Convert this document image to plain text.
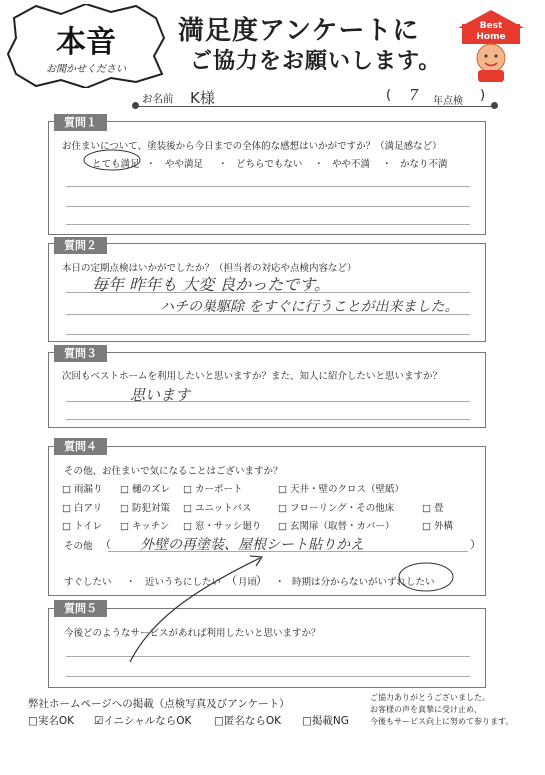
本音
お聞かせください
満足度アンケートに
ご協力をお願いします。
Best
Home
お名前 K様	( 7 年点検 )
質問１
お住まいについて、塗装後から今日までの全体的な感想はいかがですか？（満足感など）
とても満足 ・ やや満足 ・ どちらでもない ・ やや不満 ・ かなり不満
質問２
本日の定期点検はいかがでしたか？（担当者の対応や点検内容など）
毎年 昨年も 大変 良かったです。
ハチの巣駆除 をすぐに行うことが出来ました。
質問３
次回もベストホームを利用したいと思いますか？また、知人に紹介したいと思いますか？
思います
質問４
その他、お住まいで気になることはございますか？
□ 雨漏り □ 樋のズレ □ カーポート	□ 天井・壁のクロス（壁紙）
□ 白アリ □ 防犯対策 □ ユニットバス	□ フローリング・その他床	□ 畳
□ トイレ □ キッチン □ 窓・サッシ廻り □ 玄関扉（取替・カバー）	□ 外構
その他 （ 外壁の再塗装、屋根シート貼りかえ	）
すぐしたい ・ 近いうちにしたい （ 月頃
） ・ 時期は分からないがいずれしたい
質問５
今後どのようなサービスがあれば利用したいと思いますか？
弊社ホームページへの掲載（点検写真及びアンケート）
□実名OK ☑イニシャルならOK □匿名ならOK □掲載NG
ご協力ありがとうございました。
お客様の声を真摯に受け止め、
今後もサービス向上に努めて参ります。
